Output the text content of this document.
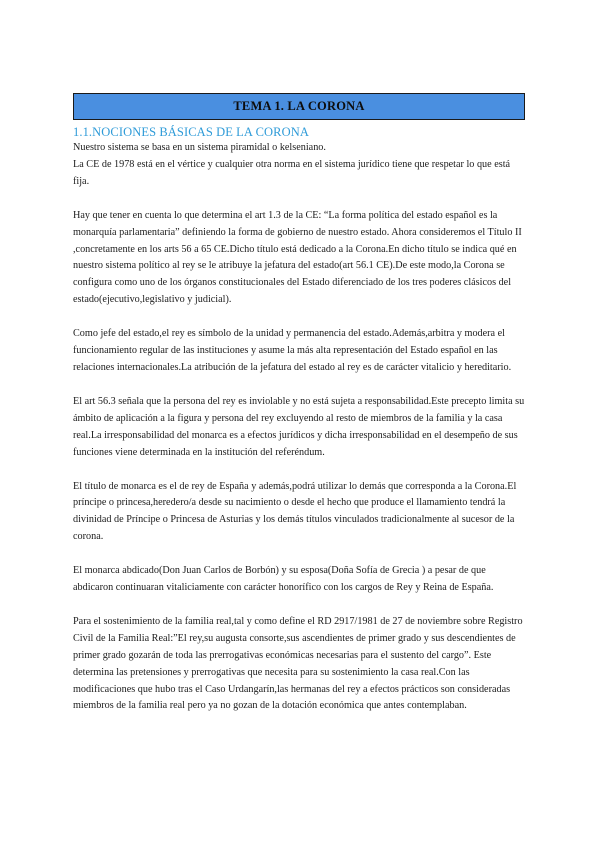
TEMA 1. LA CORONA
1.1.NOCIONES BÁSICAS DE LA CORONA

Nuestro sistema se basa en un sistema piramidal o kelseniano.

La CE de 1978 está en el vértice y cualquier otra norma en el sistema jurídico tiene que respetar lo que está fija.

Hay que tener en cuenta lo que determina el art 1.3 de la CE: “La forma política del estado español es la monarquía parlamentaria” definiendo la forma de gobierno de nuestro estado. Ahora consideremos el Título II ,concretamente en los arts 56 a 65 CE.Dicho título está dedicado a la Corona.En dicho título se indica qué en nuestro sistema político al rey se le atribuye la jefatura del estado(art 56.1 CE).De este modo,la Corona se configura como uno de los órganos constitucionales del Estado diferenciado de los tres poderes clásicos del estado(ejecutivo,legislativo y judicial).

Como jefe del estado,el rey es símbolo de la unidad y permanencia del estado.Además,arbitra y modera el funcionamiento regular de las instituciones y asume la más alta representación del Estado español en las relaciones internacionales.La atribución de la jefatura del estado al rey es de carácter vitalicio y hereditario.

El art 56.3 señala que la persona del rey es inviolable y no está sujeta a responsabilidad.Este precepto limita su ámbito de aplicación a la figura y persona del rey excluyendo al resto de miembros de la familia y la casa real.La irresponsabilidad del monarca es a efectos jurídicos y dicha irresponsabilidad en el desempeño de sus funciones viene determinada en la institución del referéndum.

El título de monarca es el de rey de España y además,podrá utilizar lo demás que corresponda a la Corona.El príncipe o princesa,heredero/a desde su nacimiento o desde el hecho que produce el llamamiento tendrá la divinidad de Príncipe o Princesa de Asturias y los demás títulos vinculados tradicionalmente al sucesor de la corona.

El monarca abdicado(Don Juan Carlos de Borbón) y su esposa(Doña Sofía de Grecia ) a pesar de que abdicaron continuaran vitaliciamente con carácter honorífico con los cargos de Rey y Reina de España.

Para el sostenimiento de la familia real,tal y como define el RD 2917/1981 de 27 de noviembre sobre Registro Civil de la Familia Real:”El rey,su augusta consorte,sus ascendientes de primer grado y sus descendientes de primer grado gozarán de toda las prerrogativas económicas necesarias para el sustento del cargo”. Este determina las pretensiones y prerrogativas que necesita para su sostenimiento la casa real.Con las modificaciones que hubo tras el Caso Urdangarín,las hermanas del rey a efectos prácticos son consideradas miembros de la familia real pero ya no gozan de la dotación económica que antes contemplaban.
